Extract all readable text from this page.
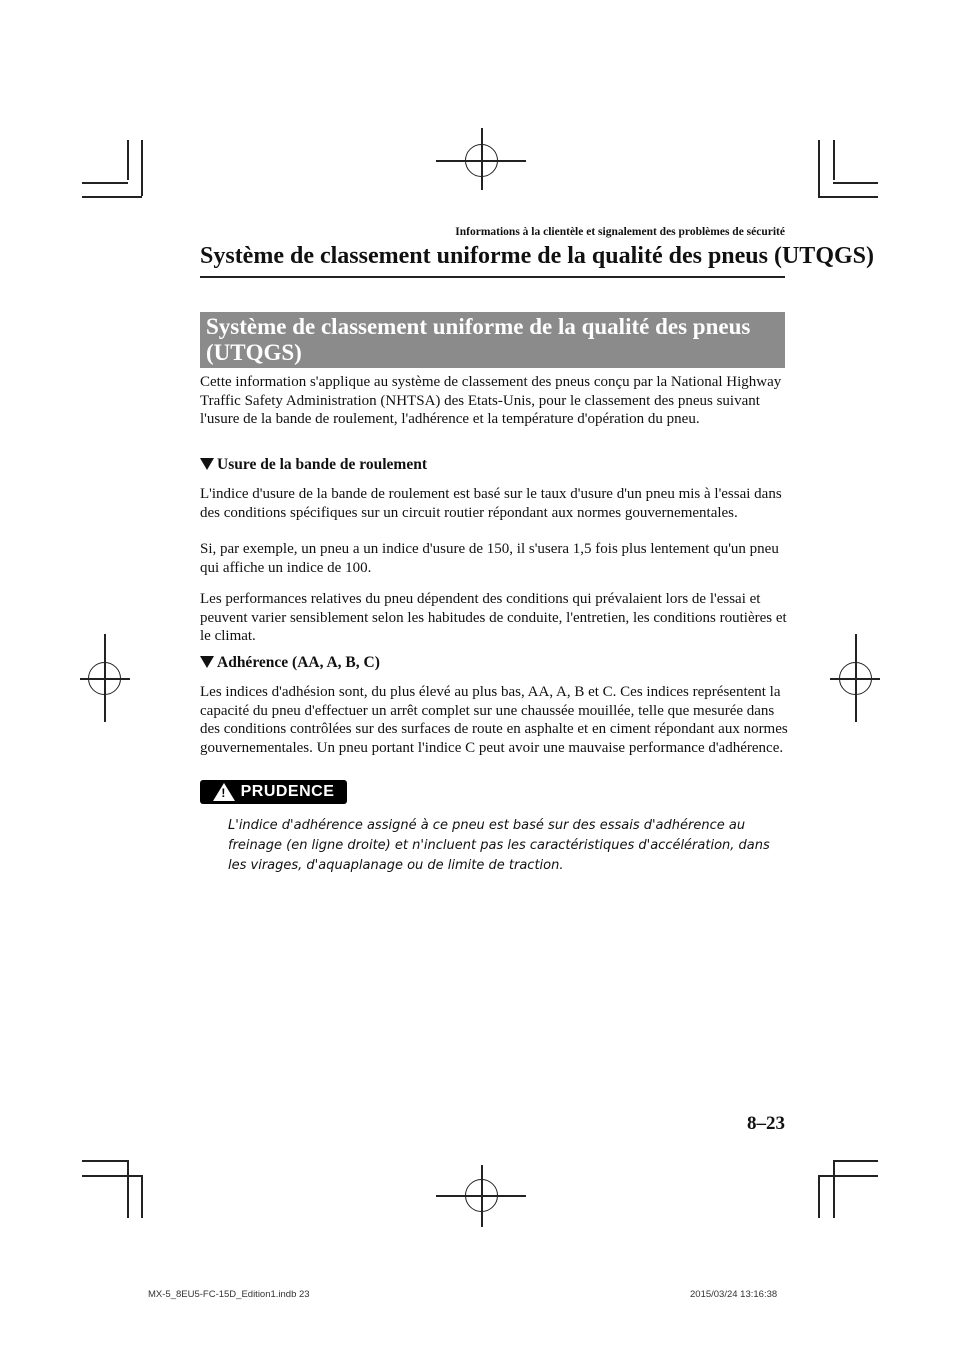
Informations à la clientèle et signalement des problèmes de sécurité
Système de classement uniforme de la qualité des pneus (UTQGS)

Système de classement uniforme de la qualité des pneus
(UTQGS)

Cette information s'applique au système de classement des pneus conçu par la National Highway Traffic Safety Administration (NHTSA) des Etats-Unis, pour le classement des pneus suivant l'usure de la bande de roulement, l'adhérence et la température d'opération du pneu.

Usure de la bande de roulement

L'indice d'usure de la bande de roulement est basé sur le taux d'usure d'un pneu mis à l'essai dans des conditions spécifiques sur un circuit routier répondant aux normes gouvernementales.

Si, par exemple, un pneu a un indice d'usure de 150, il s'usera 1,5 fois plus lentement qu'un pneu qui affiche un indice de 100.

Les performances relatives du pneu dépendent des conditions qui prévalaient lors de l'essai et peuvent varier sensiblement selon les habitudes de conduite, l'entretien, les conditions routières et le climat.

Adhérence (AA, A, B, C)

Les indices d'adhésion sont, du plus élevé au plus bas, AA, A, B et C. Ces indices représentent la capacité du pneu d'effectuer un arrêt complet sur une chaussée mouillée, telle que mesurée dans des conditions contrôlées sur des surfaces de route en asphalte et en ciment répondant aux normes gouvernementales. Un pneu portant l'indice C peut avoir une mauvaise performance d'adhérence.

! PRUDENCE

L'indice d'adhérence assigné à ce pneu est basé sur des essais d'adhérence au freinage (en ligne droite) et n'incluent pas les caractéristiques d'accélération, dans les virages, d'aquaplanage ou de limite de traction.

8–23
MX-5_8EU5-FC-15D_Edition1.indb 23	2015/03/24 13:16:38
